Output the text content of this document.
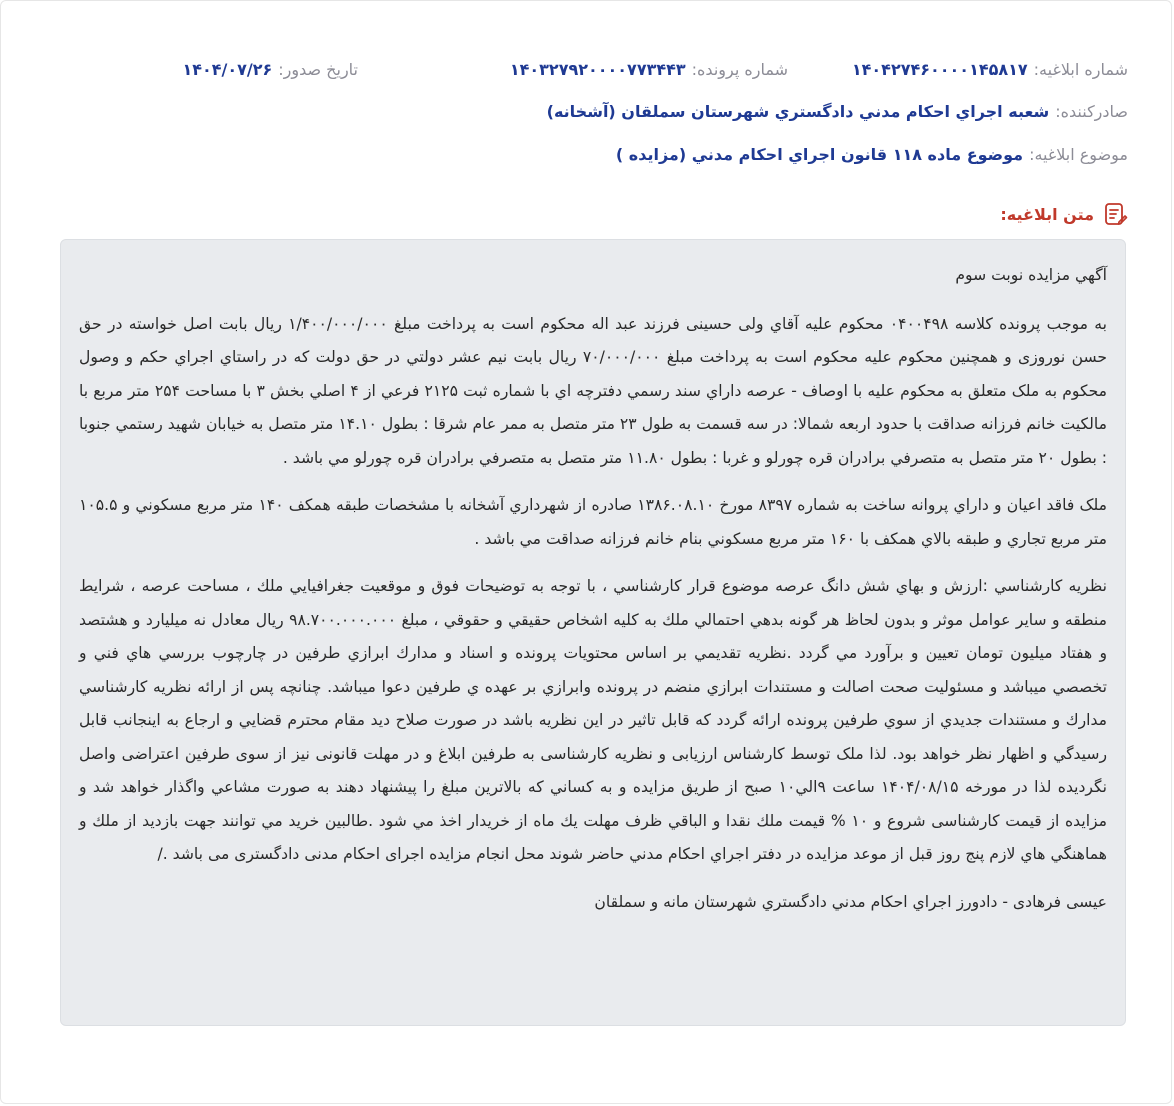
شماره ابلاغيه:
۱۴۰۴۲۷۴۶۰۰۰۰۱۴۵۸۱۷
شماره پرونده:
۱۴۰۳۲۷۹۲۰۰۰۰۷۷۳۴۴۳
تاريخ صدور:
۱۴۰۴/۰۷/۲۶
صادرکننده:
شعبه اجراي احكام مدني دادگستري شهرستان سملقان (آشخانه)
موضوع ابلاغيه:
موضوع ماده ۱۱۸ قانون اجراي احکام مدني (مزايده )
متن ابلاغيه:

آگهي مزايده نوبت سوم

به موجب پرونده کلاسه ۰۴۰۰۴۹۸ محکوم عليه آقاي ولی حسينی فرزند عبد اله محکوم است به پرداخت مبلغ ۱/۴۰۰/۰۰۰/۰۰۰ ريال بابت اصل خواسته در حق حسن نوروزی و همچنين محکوم عليه محکوم است به پرداخت مبلغ ۷۰/۰۰۰/۰۰۰ ريال بابت نيم عشر دولتي در حق دولت که در راستاي اجراي حکم و وصول محکوم به ملک متعلق به محکوم عليه با اوصاف - عرصه داراي سند رسمي دفترچه اي با شماره ثبت ۲۱۲۵ فرعي از ۴ اصلي بخش ۳ با مساحت ۲۵۴ متر مربع با مالکيت خانم فرزانه صداقت با حدود اربعه شمالا: در سه قسمت به طول ۲۳ متر متصل به ممر عام شرقا : بطول ۱۴.۱۰ متر متصل به خيابان شهيد رستمي جنوبا : بطول ۲۰ متر متصل به متصرفي برادران قره چورلو و غربا : بطول ۱۱.۸۰ متر متصل به متصرفي برادران قره چورلو مي باشد .

ملک فاقد اعيان و داراي پروانه ساخت به شماره ۸۳۹۷ مورخ ۱۳۸۶.۰۸.۱۰ صادره از شهرداري آشخانه با مشخصات طبقه همکف ۱۴۰ متر مربع مسکوني و ۱۰۵.۵ متر مربع تجاري و طبقه بالاي همکف با ۱۶۰ متر مربع مسکوني بنام خانم فرزانه صداقت مي باشد .

نظريه کارشناسي :ارزش و بهاي شش دانگ عرصه موضوع قرار کارشناسي ، با توجه به توضيحات فوق و موقعيت جغرافيايي ملك ، مساحت عرصه ، شرايط منطقه و ساير عوامل موثر و بدون لحاظ هر گونه بدهي احتمالي ملك به كليه اشخاص حقيقي و حقوقي ، مبلغ ۹۸.۷۰۰.۰۰۰.۰۰۰ ريال معادل نه ميليارد و هشتصد و هفتاد ميليون تومان تعيين و برآورد مي گردد .نظريه تقديمي بر اساس محتويات پرونده و اسناد و مدارك ابرازي طرفين در چارچوب بررسي هاي فني و تخصصي ميباشد و مسئوليت صحت اصالت و مستندات ابرازي منضم در پرونده وابرازي بر عهده ي طرفين دعوا ميباشد. چنانچه پس از ارائه نظريه كارشناسي مدارك و مستندات جديدي از سوي طرفين پرونده ارائه گردد كه قابل تاثير در اين نظريه باشد در صورت صلاح ديد مقام محترم قضايي و ارجاع به اينجانب قابل رسيدگي و اظهار نظر خواهد بود. لذا ملک توسط کارشناس ارزيابی و نظريه کارشناسی به طرفين ابلاغ و در مهلت قانونی نيز از سوی طرفين اعتراضی واصل نگرديده لذا در مورخه ۱۴۰۴/۰۸/۱۵ ساعت ۹الي۱۰ صبح از طريق مزايده و به کساني که بالاترين مبلغ را پيشنهاد دهند به صورت مشاعي واگذار خواهد شد و مزايده از قيمت کارشناسی شروع و ۱۰ % قيمت ملك نقدا و الباقي ظرف مهلت يك ماه از خريدار اخذ مي شود .طالبين خريد مي توانند جهت بازديد از ملك و هماهنگي هاي لازم پنج روز قبل از موعد مزايده در دفتر اجراي احكام مدني حاضر شوند محل انجام مزايده اجرای احکام مدنی دادگستری می باشد ./

عيسی فرهادی - دادورز اجراي احكام مدني دادگستري شهرستان مانه و سملقان
